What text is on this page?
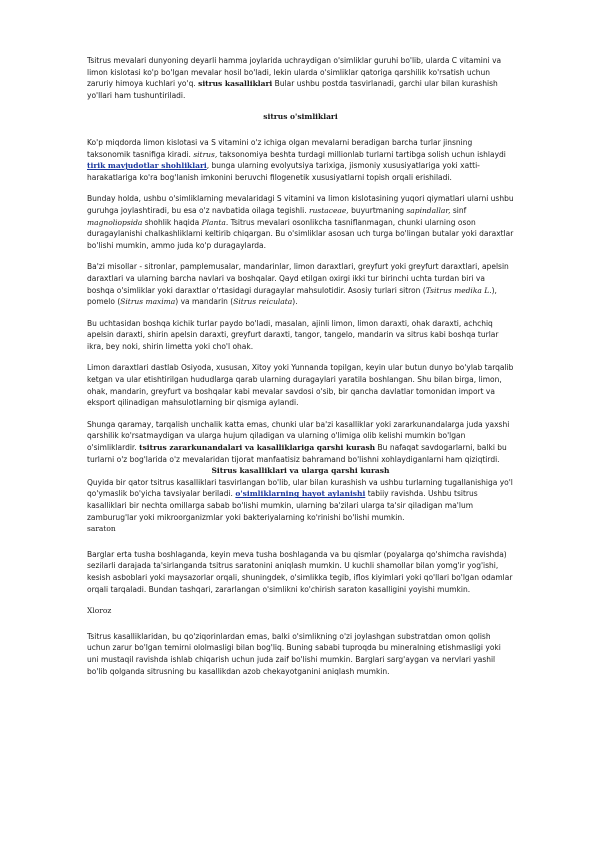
Tsitrus mevalari dunyoning deyarli hamma joylarida uchraydigan o'simliklar guruhi bo'lib, ularda C vitamini va limon kislotasi ko'p bo'lgan mevalar hosil bo'ladi, lekin ularda o'simliklar qatoriga qarshilik ko'rsatish uchun zaruriy himoya kuchlari yo'q. sitrus kasalliklari Bular ushbu postda tasvirlanadi, garchi ular bilan kurashish yo'llari ham tushuntiriladi.

sitrus o'simliklari

Ko'p miqdorda limon kislotasi va S vitamini o'z ichiga olgan mevalarni beradigan barcha turlar jinsning taksonomik tasnifiga kiradi. sitrus, taksonomiya beshta turdagi millionlab turlarni tartibga solish uchun ishlaydi tirik mavjudotlar shohliklari, bunga ularning evolyutsiya tarixiga, jismoniy xususiyatlariga yoki xatti-harakatlariga ko'ra bog'lanish imkonini beruvchi filogenetik xususiyatlarni topish orqali erishiladi.

Bunday holda, ushbu o'simliklarning mevalaridagi S vitamini va limon kislotasining yuqori qiymatlari ularni ushbu guruhga joylashtiradi, bu esa o'z navbatida oilaga tegishli. rustaceae, buyurtmaning sapindallar, sinf magnoliopsida shohlik haqida Planta. Tsitrus mevalari osonlikcha tasniflanmagan, chunki ularning oson duragaylanishi chalkashliklarni keltirib chiqargan. Bu o'simliklar asosan uch turga bo'lingan butalar yoki daraxtlar bo'lishi mumkin, ammo juda ko'p duragaylarda.

Ba'zi misollar - sitronlar, pamplemusalar, mandarinlar, limon daraxtlari, greyfurt yoki greyfurt daraxtlari, apelsin daraxtlari va ularning barcha navlari va boshqalar. Qayd etilgan oxirgi ikki tur birinchi uchta turdan biri va boshqa o'simliklar yoki daraxtlar o'rtasidagi duragaylar mahsulotidir. Asosiy turlari sitron (Tsitrus medika L.), pomelo (Sitrus maxima) va mandarin (Sitrus reiculata).

Bu uchtasidan boshqa kichik turlar paydo bo'ladi, masalan, ajinli limon, limon daraxti, ohak daraxti, achchiq apelsin daraxti, shirin apelsin daraxti, greyfurt daraxti, tangor, tangelo, mandarin va sitrus kabi boshqa turlar ikra, bey noki, shirin limetta yoki cho'l ohak.

Limon daraxtlari dastlab Osiyoda, xususan, Xitoy yoki Yunnanda topilgan, keyin ular butun dunyo bo'ylab tarqalib ketgan va ular etishtirilgan hududlarga qarab ularning duragaylari yaratila boshlangan. Shu bilan birga, limon, ohak, mandarin, greyfurt va boshqalar kabi mevalar savdosi o'sib, bir qancha davlatlar tomonidan import va eksport qilinadigan mahsulotlarning bir qismiga aylandi.

Shunga qaramay, tarqalish unchalik katta emas, chunki ular ba'zi kasalliklar yoki zararkunandalarga juda yaxshi qarshilik ko'rsatmaydigan va ularga hujum qiladigan va ularning o'limiga olib kelishi mumkin bo'lgan o'simliklardir. tsitrus zararkunandalari va kasalliklariga qarshi kurash Bu nafaqat savdogarlarni, balki bu turlarni o'z bog'larida o'z mevalaridan tijorat manfaatisiz bahramand bo'lishni xohlaydiganlarni ham qiziqtirdi.

Sitrus kasalliklari va ularga qarshi kurash

Quyida bir qator tsitrus kasalliklari tasvirlangan bo'lib, ular bilan kurashish va ushbu turlarning tugallanishiga yo'l qo'ymaslik bo'yicha tavsiyalar beriladi. o'simliklarning hayot aylanishi tabiiy ravishda. Ushbu tsitrus kasalliklari bir nechta omillarga sabab bo'lishi mumkin, ularning ba'zilari ularga ta'sir qiladigan ma'lum zamburug'lar yoki mikroorganizmlar yoki bakteriyalarning ko'rinishi bo'lishi mumkin.

saraton

Barglar erta tusha boshlaganda, keyin meva tusha boshlaganda va bu qismlar (poyalarga qo'shimcha ravishda) sezilarli darajada ta'sirlanganda tsitrus saratonini aniqlash mumkin. U kuchli shamollar bilan yomg'ir yog'ishi, kesish asboblari yoki maysazorlar orqali, shuningdek, o'simlikka tegib, iflos kiyimlari yoki qo'llari bo'lgan odamlar orqali tarqaladi. Bundan tashqari, zararlangan o'simlikni ko'chirish saraton kasalligini yoyishi mumkin.

Xloroz

Tsitrus kasalliklaridan, bu qo'ziqorinlardan emas, balki o'simlikning o'zi joylashgan substratdan omon qolish uchun zarur bo'lgan temirni ololmasligi bilan bog'liq. Buning sababi tuproqda bu mineralning etishmasligi yoki uni mustaqil ravishda ishlab chiqarish uchun juda zaif bo'lishi mumkin. Barglari sarg'aygan va nervlari yashil bo'lib qolganda sitrusning bu kasallikdan azob chekayotganini aniqlash mumkin.
